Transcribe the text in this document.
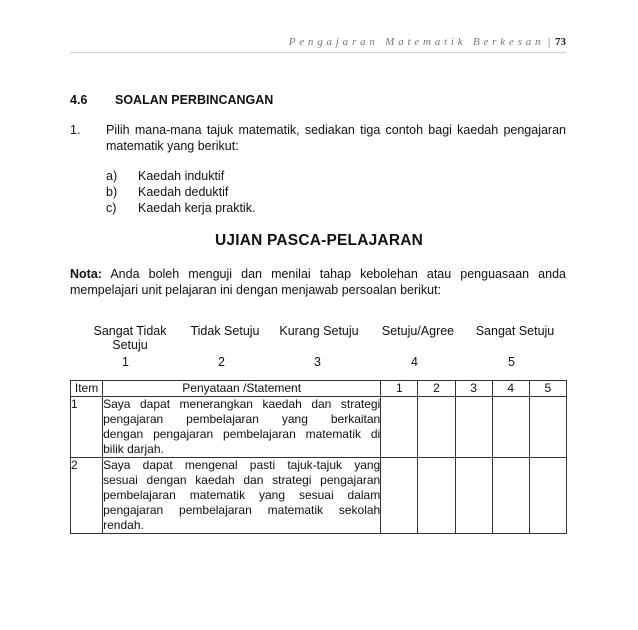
Pengajaran Matematik Berkesan | 73
4.6 SOALAN PERBINCANGAN
1. Pilih mana-mana tajuk matematik, sediakan tiga contoh bagi kaedah pengajaran
matematik yang berikut:
a) Kaedah induktif
b) Kaedah deduktif
c) Kaedah kerja praktik.
UJIAN PASCA-PELAJARAN
Nota: Anda boleh menguji dan menilai tahap kebolehan atau penguasaan anda
mempelajari unit pelajaran ini dengan menjawab persoalan berikut:
Sangat Tidak
Setuju
Tidak Setuju	Kurang Setuju	Setuju/Agree	Sangat Setuju
1	2	3	4	5
Item	Penyataan /Statement	1	2	3	4	5
1	Saya dapat menerangkan kaedah dan strategi
pengajaran pembelajaran yang berkaitan
dengan pengajaran pembelajaran matematik di
bilik darjah.					

2	Saya dapat mengenal pasti tajuk-tajuk yang
sesuai dengan kaedah dan strategi pengajaran
pembelajaran matematik yang sesuai dalam
pengajaran pembelajaran matematik sekolah
rendah.					
